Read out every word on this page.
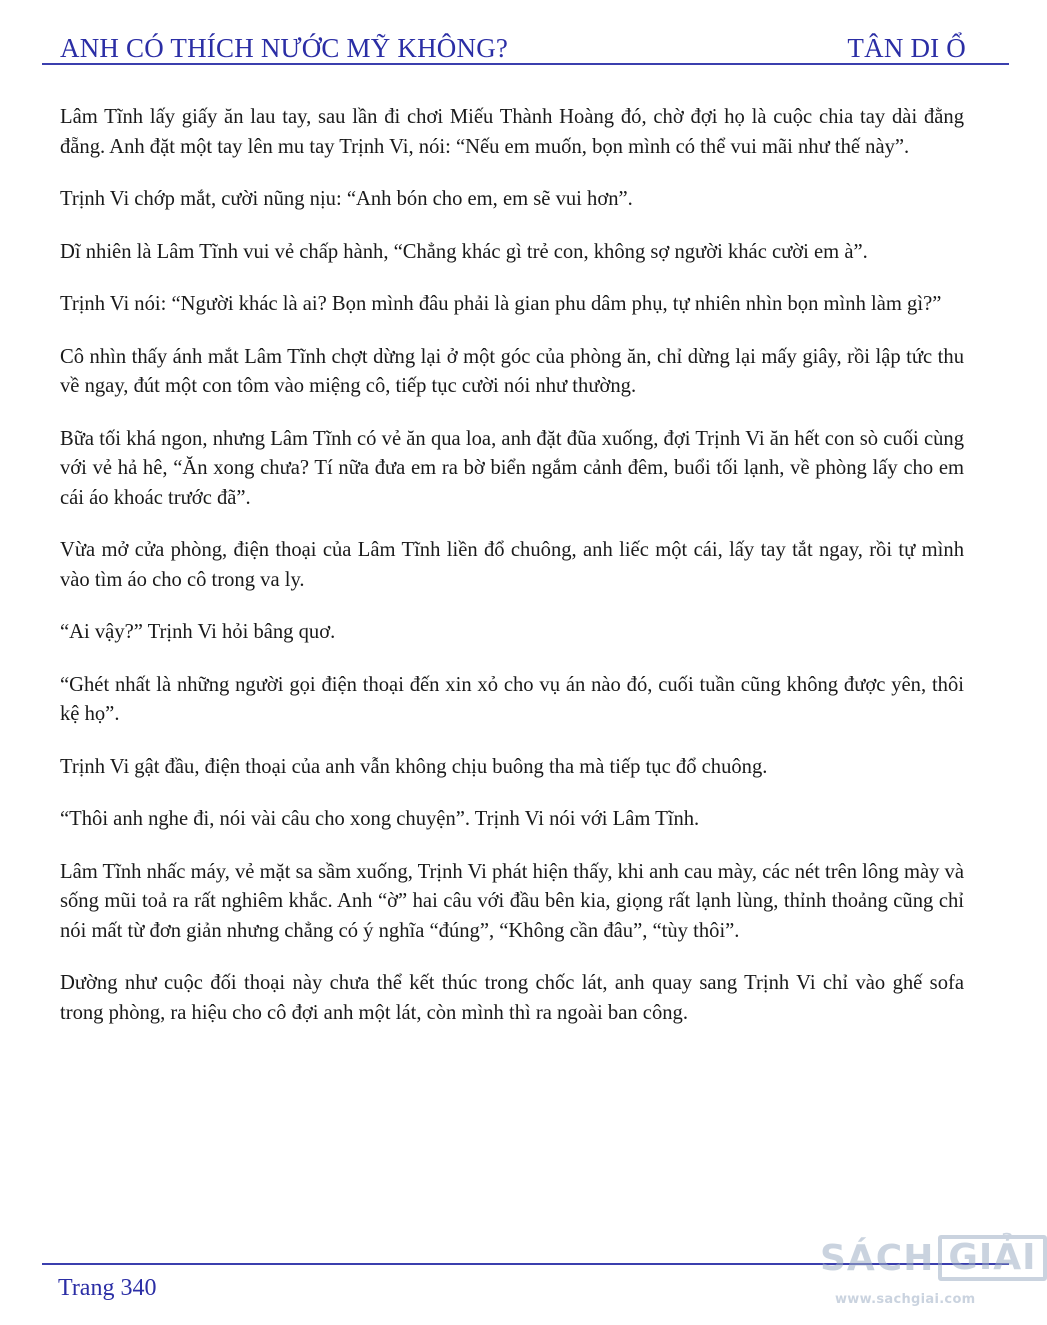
ANH CÓ THÍCH NƯỚC MỸ KHÔNG?	TÂN DI Ổ

Lâm Tĩnh lấy giấy ăn lau tay, sau lần đi chơi Miếu Thành Hoàng đó, chờ đợi họ là cuộc chia tay dài đằng đẵng. Anh đặt một tay lên mu tay Trịnh Vi, nói: “Nếu em muốn, bọn mình có thể vui mãi như thế này”.

Trịnh Vi chớp mắt, cười nũng nịu: “Anh bón cho em, em sẽ vui hơn”.

Dĩ nhiên là Lâm Tĩnh vui vẻ chấp hành, “Chẳng khác gì trẻ con, không sợ người khác cười em à”.

Trịnh Vi nói: “Người khác là ai? Bọn mình đâu phải là gian phu dâm phụ, tự nhiên nhìn bọn mình làm gì?”

Cô nhìn thấy ánh mắt Lâm Tĩnh chợt dừng lại ở một góc của phòng ăn, chỉ dừng lại mấy giây, rồi lập tức thu về ngay, đút một con tôm vào miệng cô, tiếp tục cười nói như thường.

Bữa tối khá ngon, nhưng Lâm Tĩnh có vẻ ăn qua loa, anh đặt đũa xuống, đợi Trịnh Vi ăn hết con sò cuối cùng với vẻ hả hê, “Ăn xong chưa? Tí nữa đưa em ra bờ biển ngắm cảnh đêm, buổi tối lạnh, về phòng lấy cho em cái áo khoác trước đã”.

Vừa mở cửa phòng, điện thoại của Lâm Tĩnh liền đổ chuông, anh liếc một cái, lấy tay tắt ngay, rồi tự mình vào tìm áo cho cô trong va ly.

“Ai vậy?” Trịnh Vi hỏi bâng quơ.

“Ghét nhất là những người gọi điện thoại đến xin xỏ cho vụ án nào đó, cuối tuần cũng không được yên, thôi kệ họ”.

Trịnh Vi gật đầu, điện thoại của anh vẫn không chịu buông tha mà tiếp tục đổ chuông.

“Thôi anh nghe đi, nói vài câu cho xong chuyện”. Trịnh Vi nói với Lâm Tĩnh.

Lâm Tĩnh nhấc máy, vẻ mặt sa sầm xuống, Trịnh Vi phát hiện thấy, khi anh cau mày, các nét trên lông mày và sống mũi toả ra rất nghiêm khắc. Anh “ờ” hai câu với đầu bên kia, giọng rất lạnh lùng, thỉnh thoảng cũng chỉ nói mất từ đơn giản nhưng chẳng có ý nghĩa “đúng”, “Không cần đâu”, “tùy thôi”.

Dường như cuộc đối thoại này chưa thể kết thúc trong chốc lát, anh quay sang Trịnh Vi chỉ vào ghế sofa trong phòng, ra hiệu cho cô đợi anh một lát, còn mình thì ra ngoài ban công.

Trang 340
SÁCH GIẢI
www.sachgiai.com
